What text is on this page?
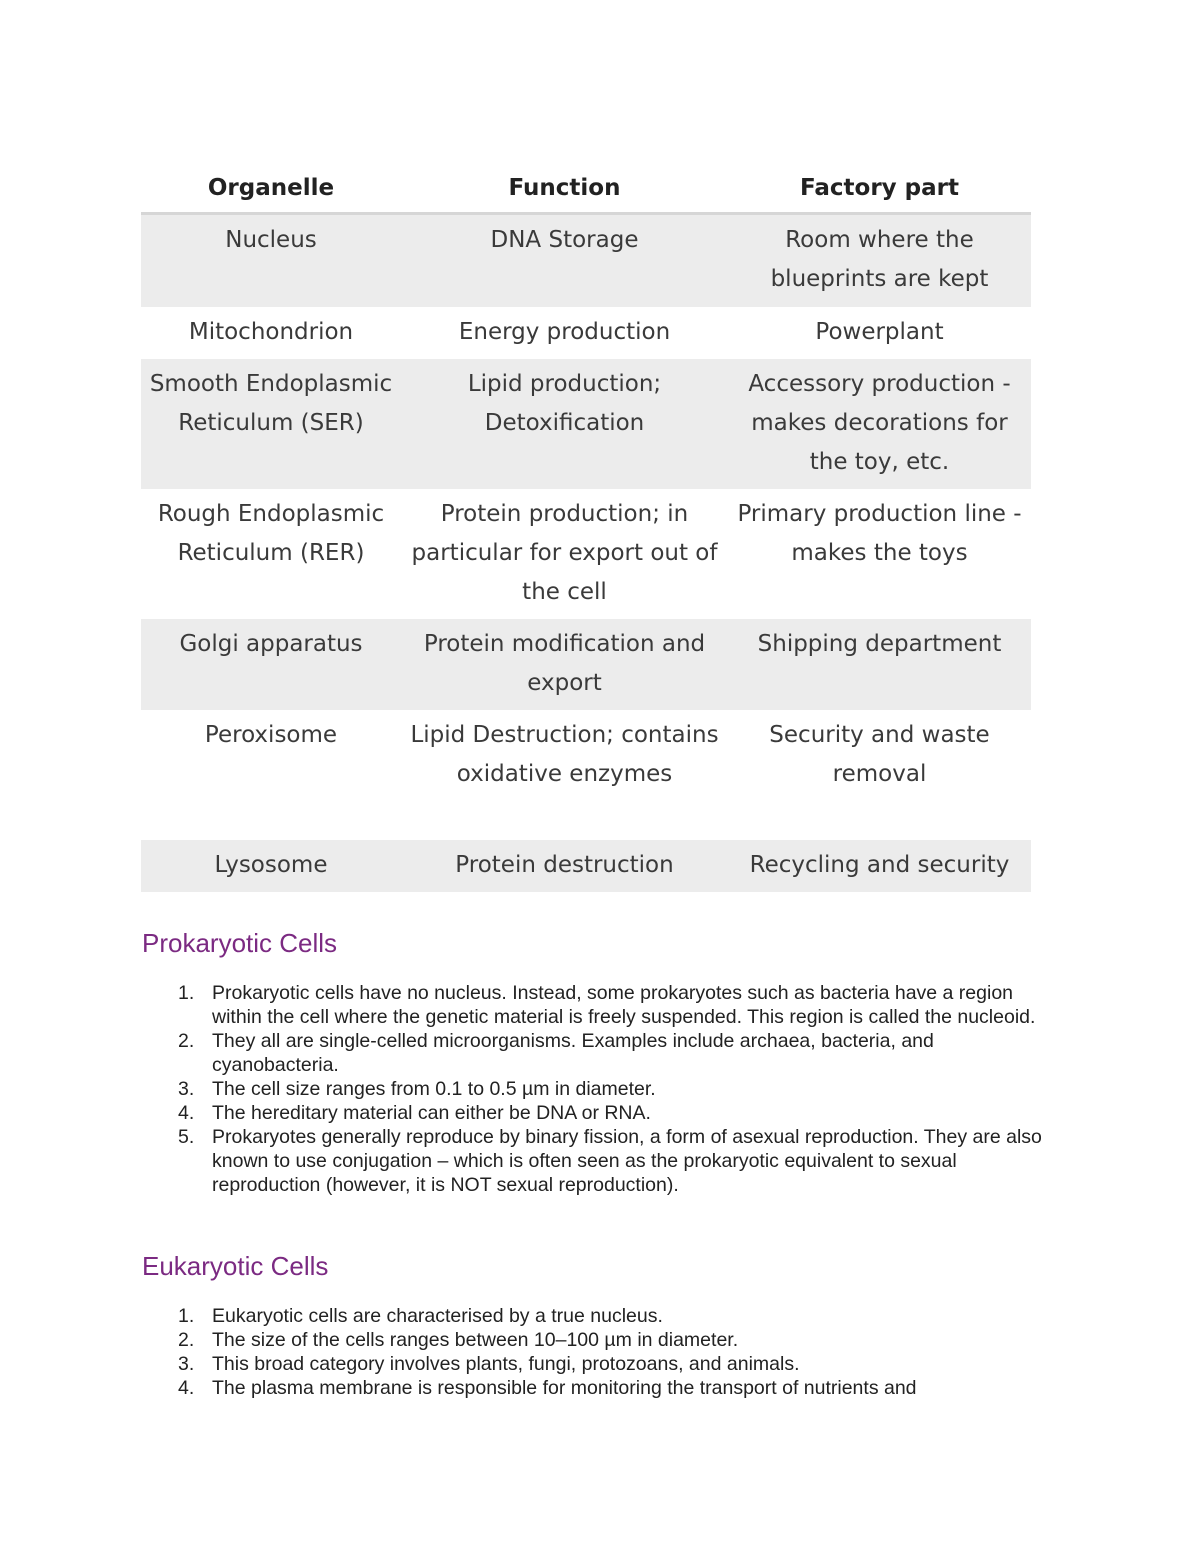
Organelle	Function	Factory part
Nucleus	DNA Storage	Room where the blueprints are kept
Mitochondrion	Energy production	Powerplant
Smooth Endoplasmic Reticulum (SER)	Lipid production; Detoxification	Accessory production - makes decorations for the toy, etc.
Rough Endoplasmic Reticulum (RER)	Protein production; in particular for export out of the cell	Primary production line - makes the toys
Golgi apparatus	Protein modification and export	Shipping department
Peroxisome	Lipid Destruction; contains oxidative enzymes	Security and waste removal
Lysosome	Protein destruction	Recycling and security
Prokaryotic Cells
1. Prokaryotic cells have no nucleus. Instead, some prokaryotes such as bacteria have a region within the cell where the genetic material is freely suspended. This region is called the nucleoid.
2. They all are single-celled microorganisms. Examples include archaea, bacteria, and cyanobacteria.
3. The cell size ranges from 0.1 to 0.5 µm in diameter.
4. The hereditary material can either be DNA or RNA.
5. Prokaryotes generally reproduce by binary fission, a form of asexual reproduction. They are also known to use conjugation – which is often seen as the prokaryotic equivalent to sexual reproduction (however, it is NOT sexual reproduction).
Eukaryotic Cells
1. Eukaryotic cells are characterised by a true nucleus.
2. The size of the cells ranges between 10–100 µm in diameter.
3. This broad category involves plants, fungi, protozoans, and animals.
4. The plasma membrane is responsible for monitoring the transport of nutrients and
